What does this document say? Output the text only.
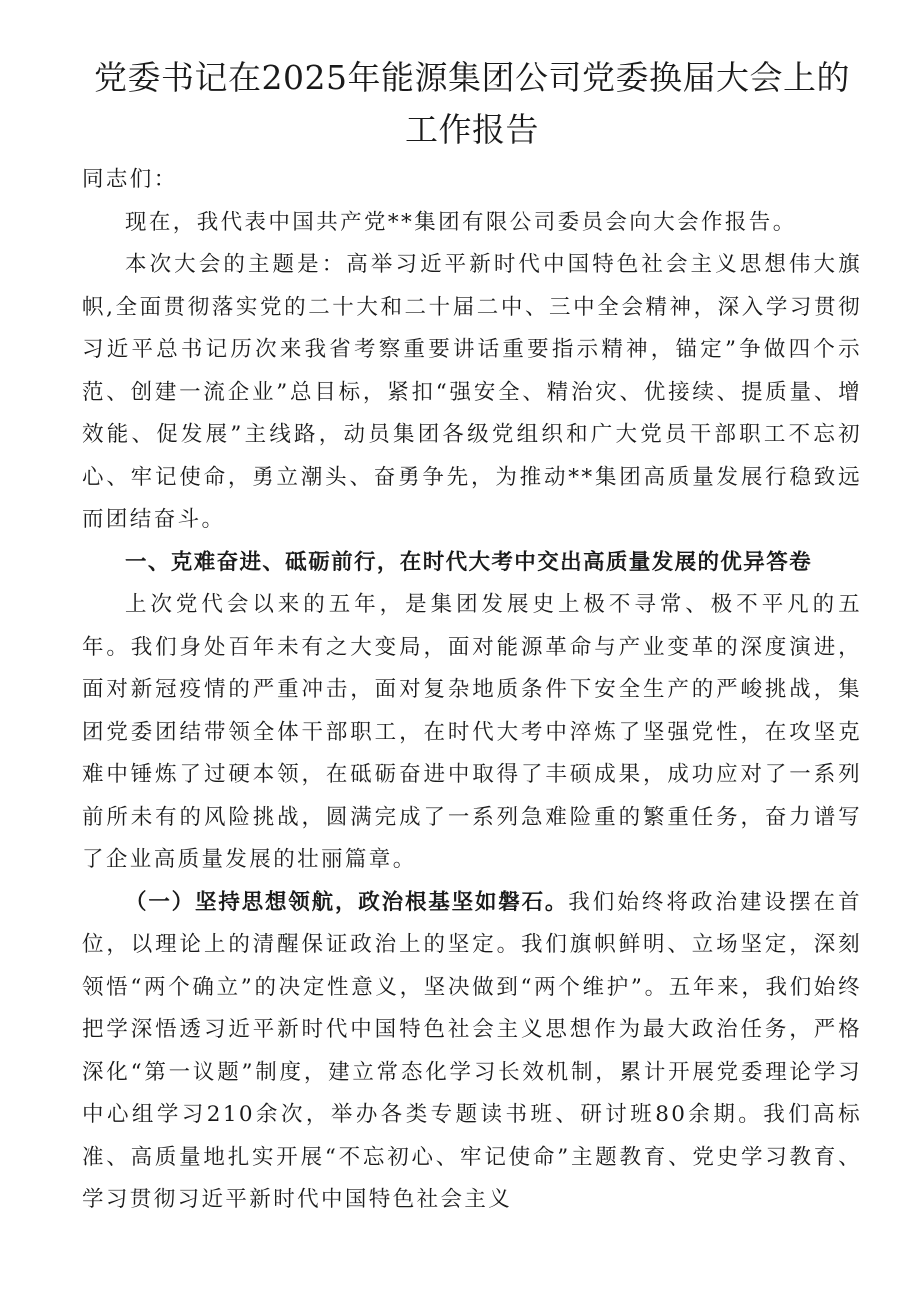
党委书记在2025年能源集团公司党委换届大会上的工作报告

同志们：

现在，我代表中国共产党**集团有限公司委员会向大会作报告。

本次大会的主题是：高举习近平新时代中国特色社会主义思想伟大旗帜,全面贯彻落实党的二十大和二十届二中、三中全会精神，深入学习贯彻习近平总书记历次来我省考察重要讲话重要指示精神，锚定”争做四个示范、创建一流企业”总目标，紧扣“强安全、精治灾、优接续、提质量、增效能、促发展”主线路，动员集团各级党组织和广大党员干部职工不忘初心、牢记使命，勇立潮头、奋勇争先，为推动**集团高质量发展行稳致远而团结奋斗。

一、克难奋进、砥砺前行，在时代大考中交出高质量发展的优异答卷

上次党代会以来的五年，是集团发展史上极不寻常、极不平凡的五年。我们身处百年未有之大变局，面对能源革命与产业变革的深度演进，面对新冠疫情的严重冲击，面对复杂地质条件下安全生产的严峻挑战，集团党委团结带领全体干部职工，在时代大考中淬炼了坚强党性，在攻坚克难中锤炼了过硬本领，在砥砺奋进中取得了丰硕成果，成功应对了一系列前所未有的风险挑战，圆满完成了一系列急难险重的繁重任务，奋力谱写了企业高质量发展的壮丽篇章。

（一）坚持思想领航，政治根基坚如磐石。我们始终将政治建设摆在首位，以理论上的清醒保证政治上的坚定。我们旗帜鲜明、立场坚定，深刻领悟“两个确立”的决定性意义，坚决做到“两个维护”。五年来，我们始终把学深悟透习近平新时代中国特色社会主义思想作为最大政治任务，严格深化“第一议题”制度，建立常态化学习长效机制，累计开展党委理论学习中心组学习210余次，举办各类专题读书班、研讨班80余期。我们高标准、高质量地扎实开展“不忘初心、牢记使命”主题教育、党史学习教育、学习贯彻习近平新时代中国特色社会主义
